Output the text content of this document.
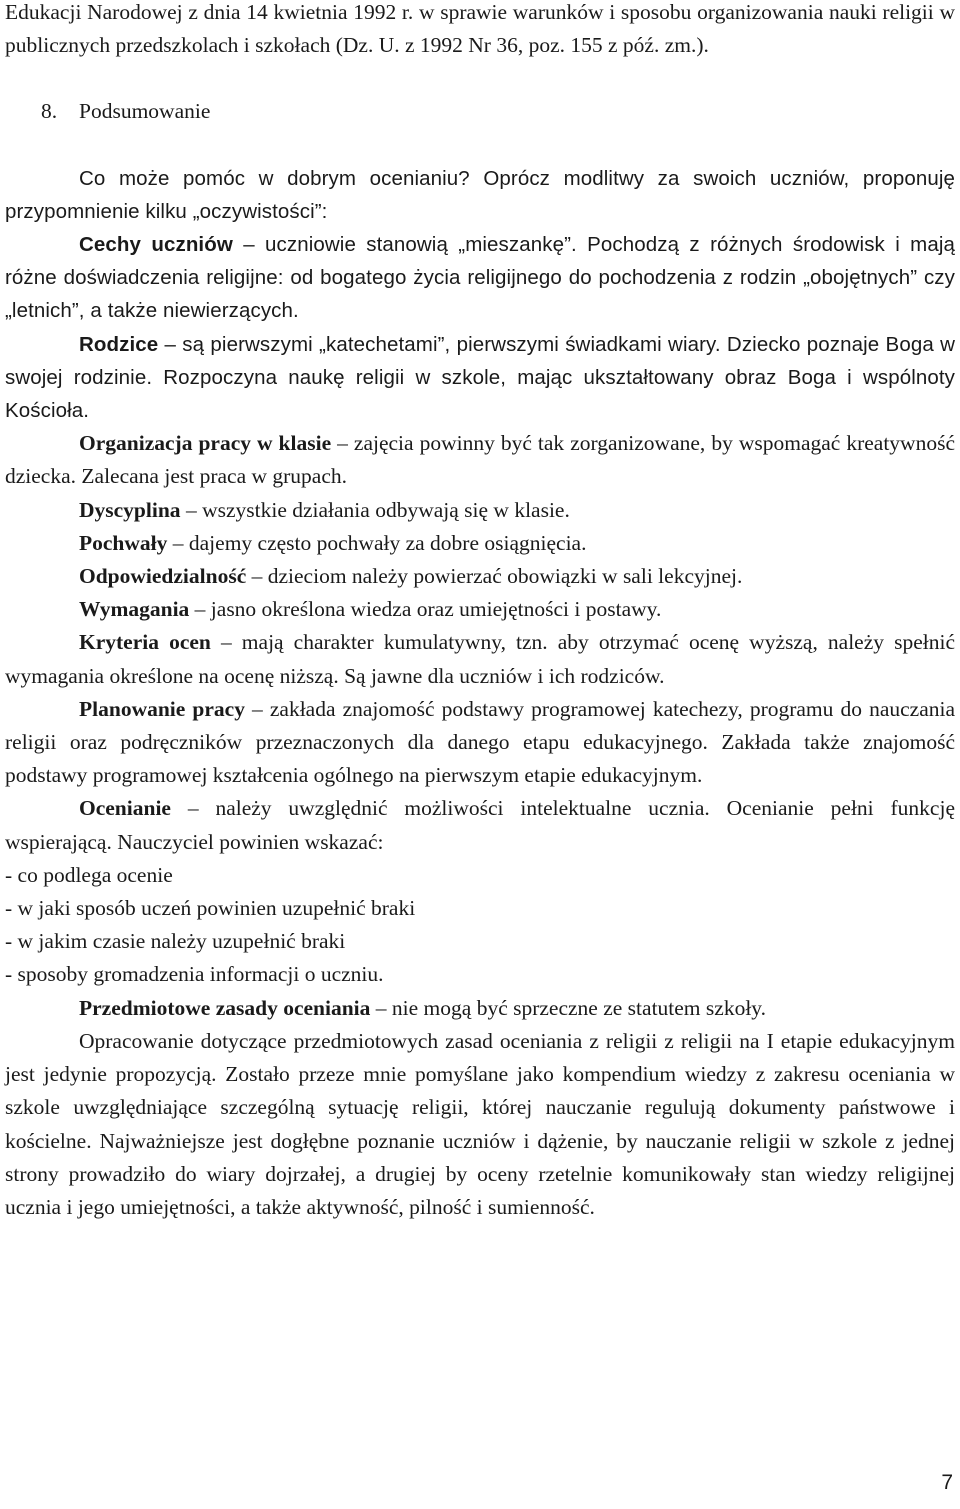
Edukacji Narodowej z dnia 14 kwietnia 1992 r. w sprawie warunków i sposobu organizowania nauki religii w publicznych przedszkolach i szkołach (Dz. U. z 1992 Nr 36, poz. 155 z póź. zm.).

8. Podsumowanie

Co może pomóc w dobrym ocenianiu? Oprócz modlitwy za swoich uczniów, proponuję przypomnienie kilku „oczywistości”:

Cechy uczniów – uczniowie stanowią „mieszankę”. Pochodzą z różnych środowisk i mają różne doświadczenia religijne: od bogatego życia religijnego do pochodzenia z rodzin „obojętnych” czy „letnich”, a także niewierzących.

Rodzice – są pierwszymi „katechetami”, pierwszymi świadkami wiary. Dziecko poznaje Boga w swojej rodzinie. Rozpoczyna naukę religii w szkole, mając ukształtowany obraz Boga i wspólnoty Kościoła.

Organizacja pracy w klasie – zajęcia powinny być tak zorganizowane, by wspomagać kreatywność dziecka. Zalecana jest praca w grupach.

Dyscyplina – wszystkie działania odbywają się w klasie.

Pochwały – dajemy często pochwały za dobre osiągnięcia.

Odpowiedzialność – dzieciom należy powierzać obowiązki w sali lekcyjnej.

Wymagania – jasno określona wiedza oraz umiejętności i postawy.

Kryteria ocen – mają charakter kumulatywny, tzn. aby otrzymać ocenę wyższą, należy spełnić wymagania określone na ocenę niższą. Są jawne dla uczniów i ich rodziców.

Planowanie pracy – zakłada znajomość podstawy programowej katechezy, programu do nauczania religii oraz podręczników przeznaczonych dla danego etapu edukacyjnego. Zakłada także znajomość podstawy programowej kształcenia ogólnego na pierwszym etapie edukacyjnym.

Ocenianie – należy uwzględnić możliwości intelektualne ucznia. Ocenianie pełni funkcję wspierającą. Nauczyciel powinien wskazać:

- co podlega ocenie

- w jaki sposób uczeń powinien uzupełnić braki

- w jakim czasie należy uzupełnić braki

- sposoby gromadzenia informacji o uczniu.

Przedmiotowe zasady oceniania – nie mogą być sprzeczne ze statutem szkoły.

Opracowanie dotyczące przedmiotowych zasad oceniania z religii z religii na I etapie edukacyjnym jest jedynie propozycją. Zostało przeze mnie pomyślane jako kompendium wiedzy z zakresu oceniania w szkole uwzględniające szczególną sytuację religii, której nauczanie regulują dokumenty państwowe i kościelne. Najważniejsze jest dogłębne poznanie uczniów i dążenie, by nauczanie religii w szkole z jednej strony prowadziło do wiary dojrzałej, a drugiej by oceny rzetelnie komunikowały stan wiedzy religijnej ucznia i jego umiejętności, a także aktywność, pilność i sumienność.

7
